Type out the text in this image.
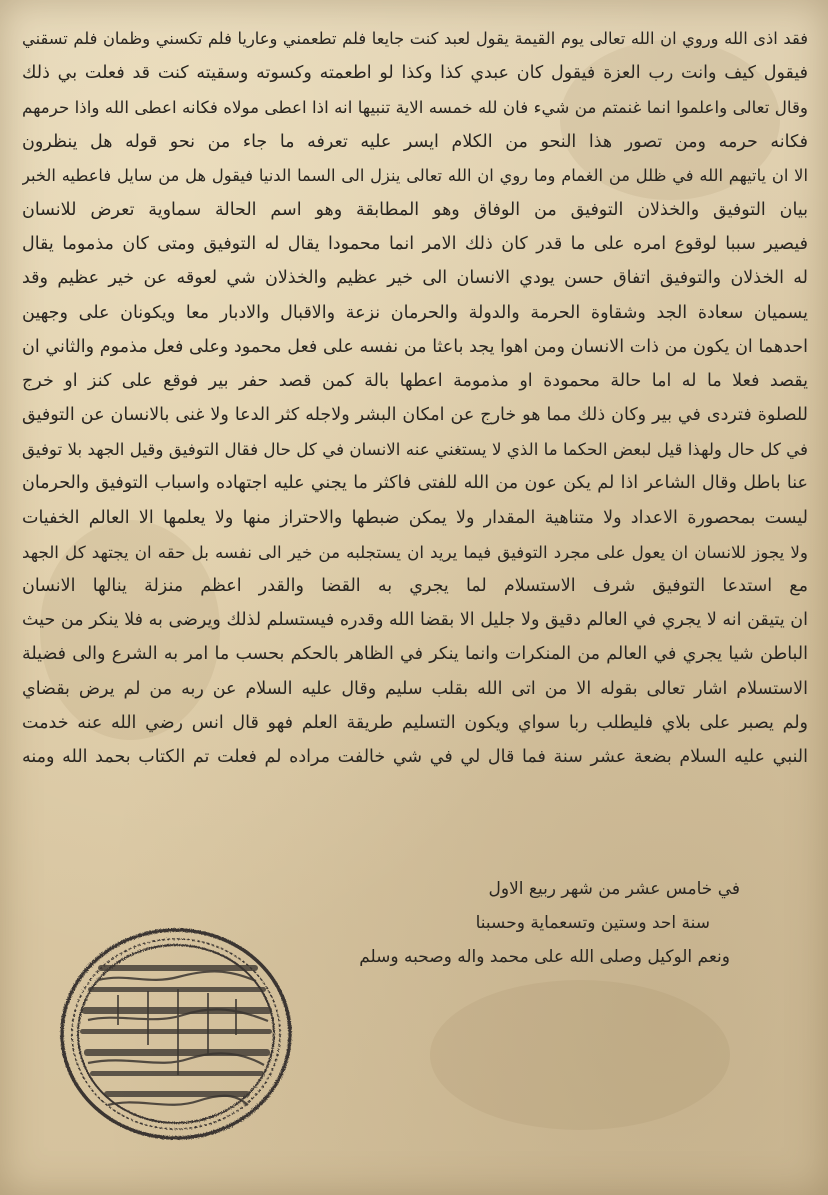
فقد اذى الله وروي ان الله تعالى يوم القيمة يقول لعبد كنت جايعا فلم تطعمني وعاريا فلم تكسني وظمان فلم تسقني
فيقول كيف وانت رب العزة فيقول كان عبدي كذا وكذا لو اطعمته وكسوته وسقيته كنت قد فعلت بي ذلك
وقال تعالى واعلموا انما غنمتم من شيء فان لله خمسه الاية تنبيها انه اذا اعطى مولاه فكانه اعطى الله واذا حرمهم
فكانه حرمه ومن تصور هذا النحو من الكلام ايسر عليه تعرفه ما جاء من نحو قوله هل ينظرون
الا ان ياتيهم الله في ظلل من الغمام وما روي ان الله تعالى ينزل الى السما الدنيا فيقول هل من سايل فاعطيه الخبر
بيان التوفيق والخذلان التوفيق من الوفاق وهو المطابقة وهو اسم الحالة سماوية تعرض للانسان
فيصير سببا لوقوع امره على ما قدر كان ذلك الامر انما محمودا يقال له التوفيق ومتى كان مذموما يقال
له الخذلان والتوفيق اتفاق حسن يودي الانسان الى خير عظيم والخذلان شي لعوقه عن خير عظيم وقد
يسميان سعادة الجد وشقاوة الحرمة والدولة والحرمان نزعة والاقبال والادبار معا ويكونان على وجهين
احدهما ان يكون من ذات الانسان ومن اهوا يجد باعثا من نفسه على فعل محمود وعلى فعل مذموم والثاني ان
يقصد فعلا ما له اما حالة محمودة او مذمومة اعطها بالة كمن قصد حفر بير فوقع على كنز او خرج
للصلوة فتردى في بير وكان ذلك مما هو خارج عن امكان البشر ولاجله كثر الدعا ولا غنى بالانسان عن التوفيق
في كل حال ولهذا قيل لبعض الحكما ما الذي لا يستغني عنه الانسان في كل حال فقال التوفيق وقيل الجهد بلا توفيق
عنا باطل وقال الشاعر اذا لم يكن عون من الله للفتى فاكثر ما يجني عليه اجتهاده واسباب التوفيق والحرمان
ليست بمحصورة الاعداد ولا متناهية المقدار ولا يمكن ضبطها والاحتراز منها ولا يعلمها الا العالم الخفيات
ولا يجوز للانسان ان يعول على مجرد التوفيق فيما يريد ان يستجلبه من خير الى نفسه بل حقه ان يجتهد كل الجهد
مع استدعا التوفيق شرف الاستسلام لما يجري به القضا والقدر اعظم منزلة ينالها الانسان
ان يتيقن انه لا يجري في العالم دقيق ولا جليل الا بقضا الله وقدره فيستسلم لذلك ويرضى به فلا ينكر من حيث
الباطن شيا يجري في العالم من المنكرات وانما ينكر في الظاهر بالحكم بحسب ما امر به الشرع والى فضيلة
الاستسلام اشار تعالى بقوله الا من اتى الله بقلب سليم وقال عليه السلام عن ربه من لم يرض بقضاي
ولم يصبر على بلاي فليطلب ربا سواي ويكون التسليم طريقة العلم فهو قال انس رضي الله عنه خدمت
النبي عليه السلام بضعة عشر سنة فما قال لي في شي خالفت مراده لم فعلت تم الكتاب بحمد الله ومنه
في خامس عشر من شهر ربيع الاول
سنة احد وستين وتسعماية وحسبنا
ونعم الوكيل وصلى الله على محمد واله وصحبه وسلم
